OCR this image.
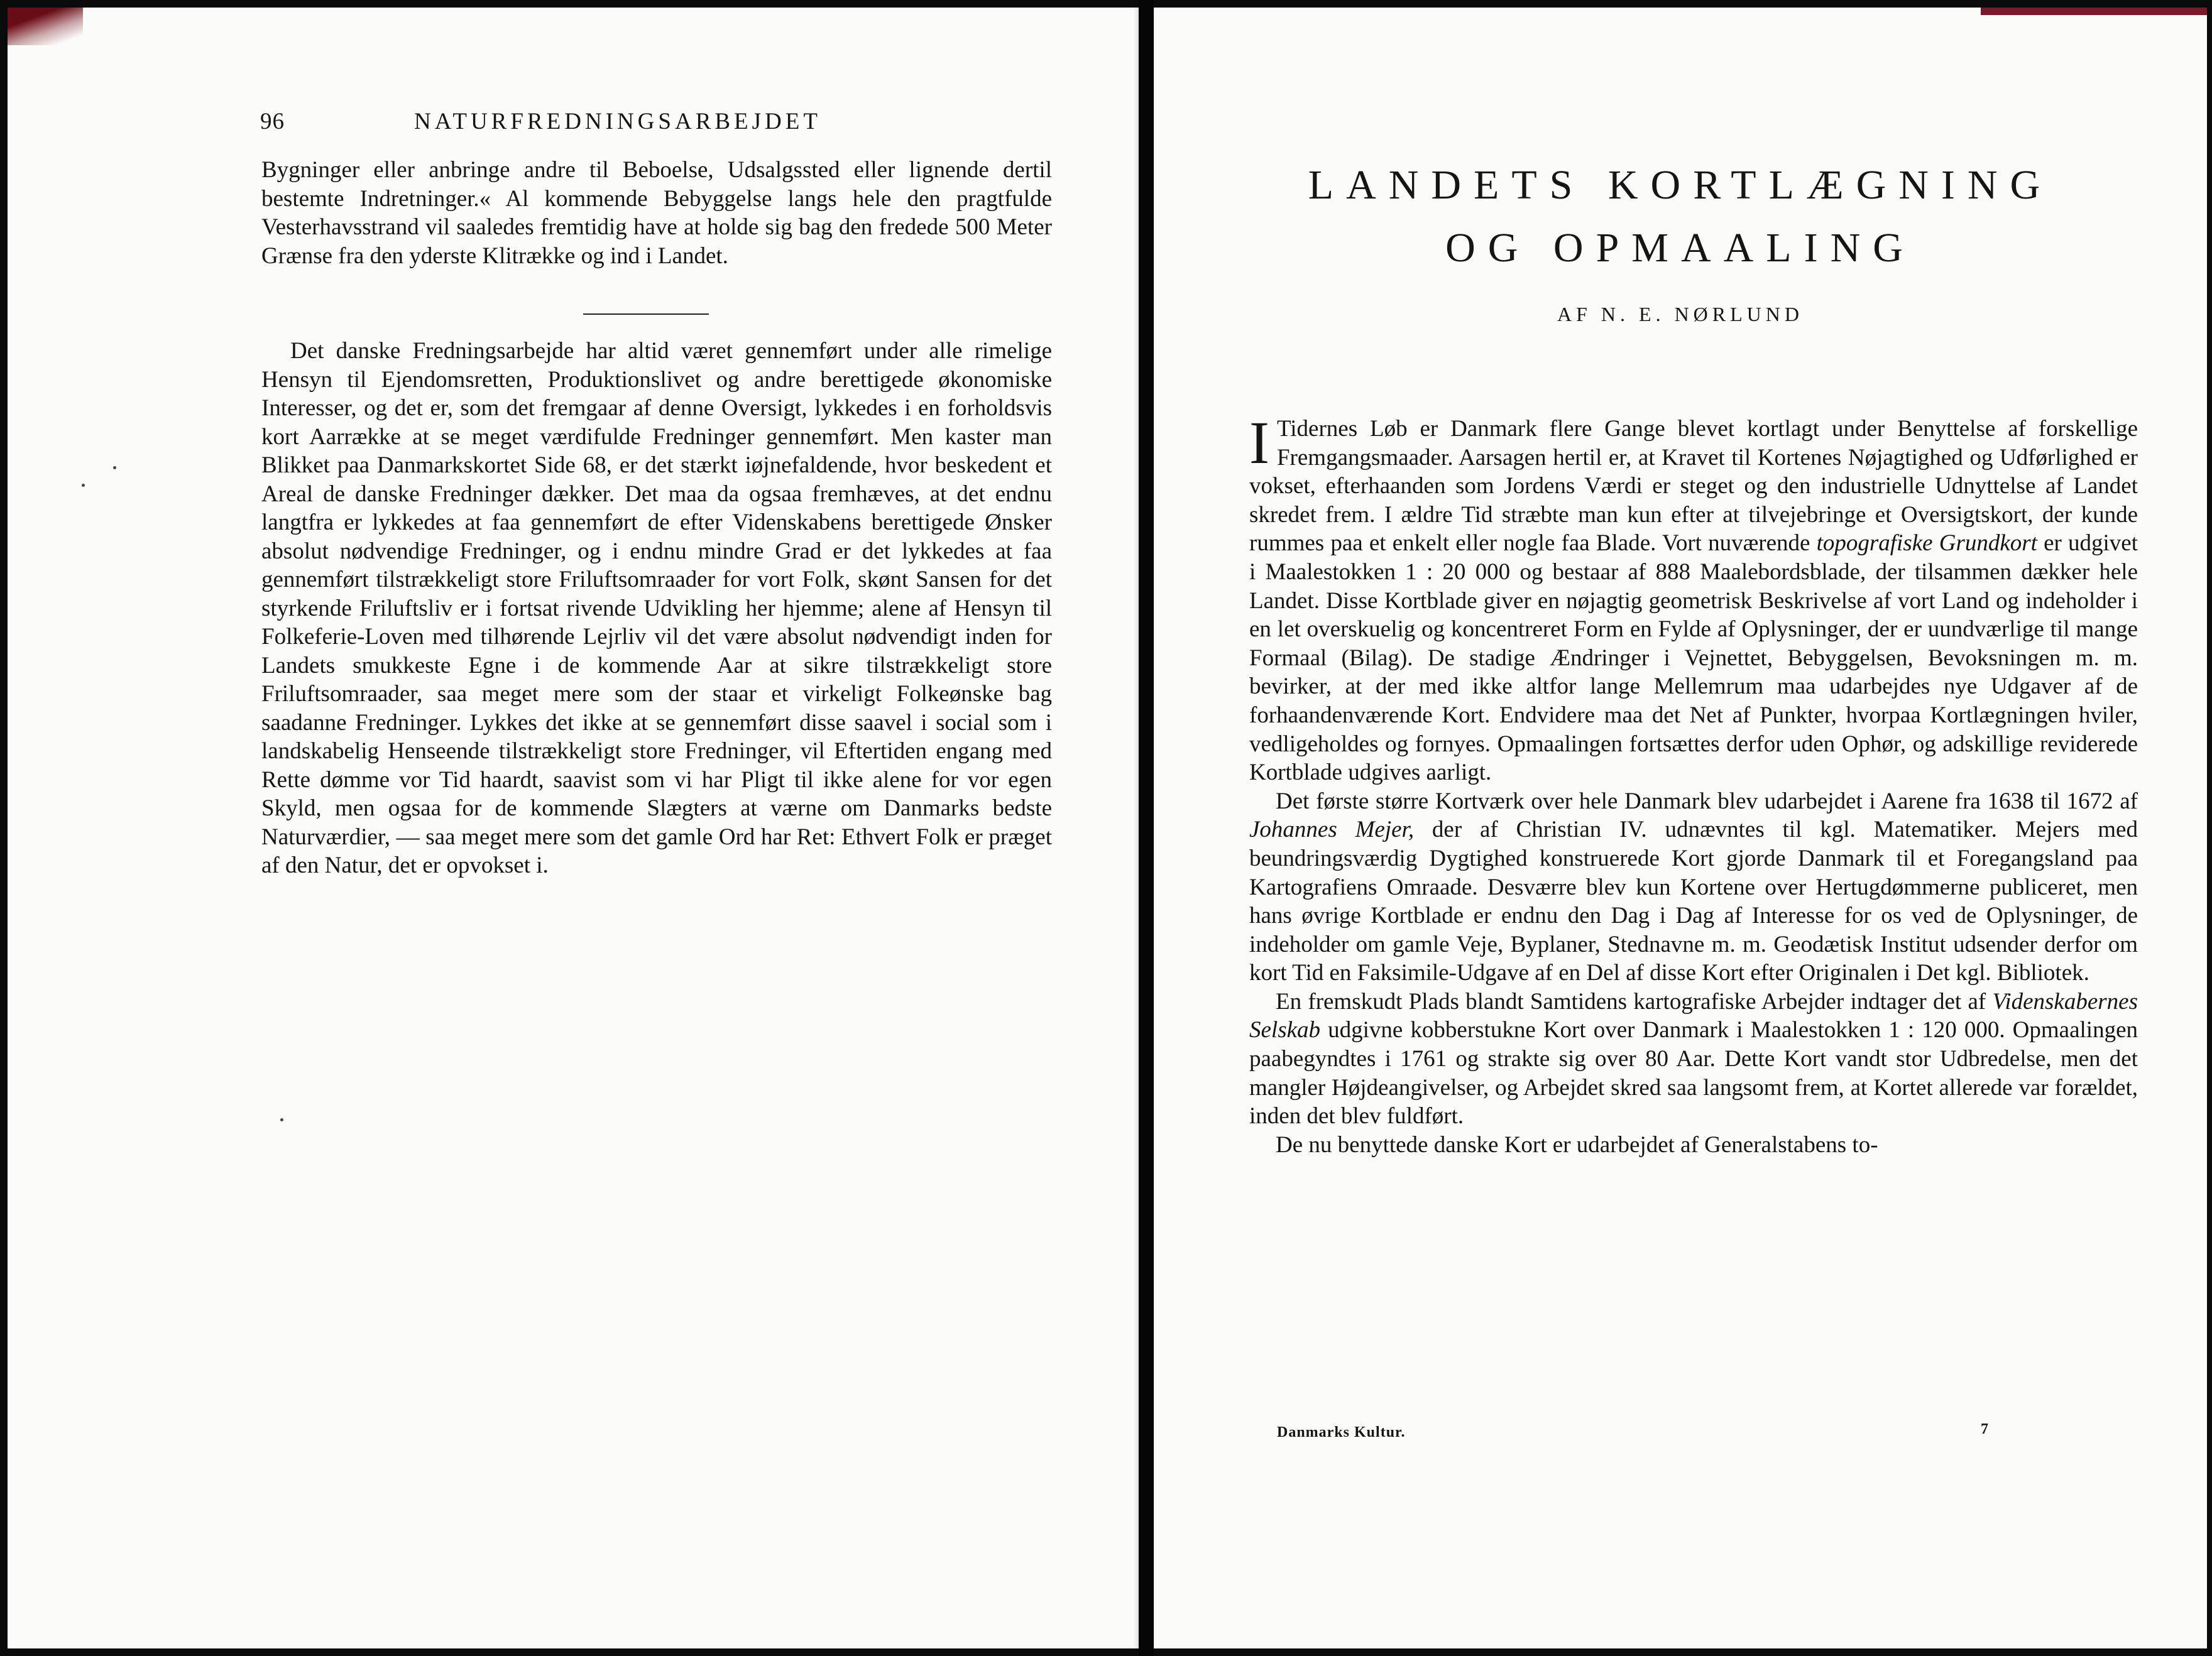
96	NATURFREDNINGSARBEJDET

Bygninger eller anbringe andre til Beboelse, Udsalgssted eller lignende dertil bestemte Indretninger.« Al kommende Bebyggelse langs hele den pragtfulde Vesterhavsstrand vil saaledes fremtidig have at holde sig bag den fredede 500 Meter Grænse fra den yderste Klitrække og ind i Landet.

Det danske Fredningsarbejde har altid været gennemført under alle rimelige Hensyn til Ejendomsretten, Produktionslivet og andre berettigede økonomiske Interesser, og det er, som det fremgaar af denne Oversigt, lykkedes i en forholdsvis kort Aarrække at se meget værdifulde Fredninger gennemført. Men kaster man Blikket paa Danmarkskortet Side 68, er det stærkt iøjnefaldende, hvor beskedent et Areal de danske Fredninger dækker. Det maa da ogsaa fremhæves, at det endnu langtfra er lykkedes at faa gennemført de efter Videnskabens berettigede Ønsker absolut nødvendige Fredninger, og i endnu mindre Grad er det lykkedes at faa gennemført tilstrækkeligt store Friluftsomraader for vort Folk, skønt Sansen for det styrkende Friluftsliv er i fortsat rivende Udvikling her hjemme; alene af Hensyn til Folkeferie-Loven med tilhørende Lejrliv vil det være absolut nødvendigt inden for Landets smukkeste Egne i de kommende Aar at sikre tilstrækkeligt store Friluftsomraader, saa meget mere som der staar et virkeligt Folkeønske bag saadanne Fredninger. Lykkes det ikke at se gennemført disse saavel i social som i landskabelig Henseende tilstrækkeligt store Fredninger, vil Eftertiden engang med Rette dømme vor Tid haardt, saavist som vi har Pligt til ikke alene for vor egen Skyld, men ogsaa for de kommende Slægters at værne om Danmarks bedste Naturværdier, — saa meget mere som det gamle Ord har Ret: Ethvert Folk er præget af den Natur, det er opvokset i.

LANDETS KORTLÆGNING
OG OPMAALING
AF N. E. NØRLUND

I Tidernes Løb er Danmark flere Gange blevet kortlagt under Benyttelse af forskellige Fremgangsmaader. Aarsagen hertil er, at Kravet til Kortenes Nøjagtighed og Udførlighed er vokset, efterhaanden som Jordens Værdi er steget og den industrielle Udnyttelse af Landet skredet frem. I ældre Tid stræbte man kun efter at tilvejebringe et Oversigtskort, der kunde rummes paa et enkelt eller nogle faa Blade. Vort nuværende topografiske Grundkort er udgivet i Maalestokken 1 : 20 000 og bestaar af 888 Maalebordsblade, der tilsammen dækker hele Landet. Disse Kortblade giver en nøjagtig geometrisk Beskrivelse af vort Land og indeholder i en let overskuelig og koncentreret Form en Fylde af Oplysninger, der er uundværlige til mange Formaal (Bilag). De stadige Ændringer i Vejnettet, Bebyggelsen, Bevoksningen m. m. bevirker, at der med ikke altfor lange Mellemrum maa udarbejdes nye Udgaver af de forhaandenværende Kort. Endvidere maa det Net af Punkter, hvorpaa Kortlægningen hviler, vedligeholdes og fornyes. Opmaalingen fortsættes derfor uden Ophør, og adskillige reviderede Kortblade udgives aarligt.

Det første større Kortværk over hele Danmark blev udarbejdet i Aarene fra 1638 til 1672 af Johannes Mejer, der af Christian IV. udnævntes til kgl. Matematiker. Mejers med beundringsværdig Dygtighed konstruerede Kort gjorde Danmark til et Foregangsland paa Kartografiens Omraade. Desværre blev kun Kortene over Hertugdømmerne publiceret, men hans øvrige Kortblade er endnu den Dag i Dag af Interesse for os ved de Oplysninger, de indeholder om gamle Veje, Byplaner, Stednavne m. m. Geodætisk Institut udsender derfor om kort Tid en Faksimile-Udgave af en Del af disse Kort efter Originalen i Det kgl. Bibliotek.

En fremskudt Plads blandt Samtidens kartografiske Arbejder indtager det af Videnskabernes Selskab udgivne kobberstukne Kort over Danmark i Maalestokken 1 : 120 000. Opmaalingen paabegyndtes i 1761 og strakte sig over 80 Aar. Dette Kort vandt stor Udbredelse, men det mangler Højdeangivelser, og Arbejdet skred saa langsomt frem, at Kortet allerede var forældet, inden det blev fuldført.

De nu benyttede danske Kort er udarbejdet af Generalstabens to-

Danmarks Kultur.	7
